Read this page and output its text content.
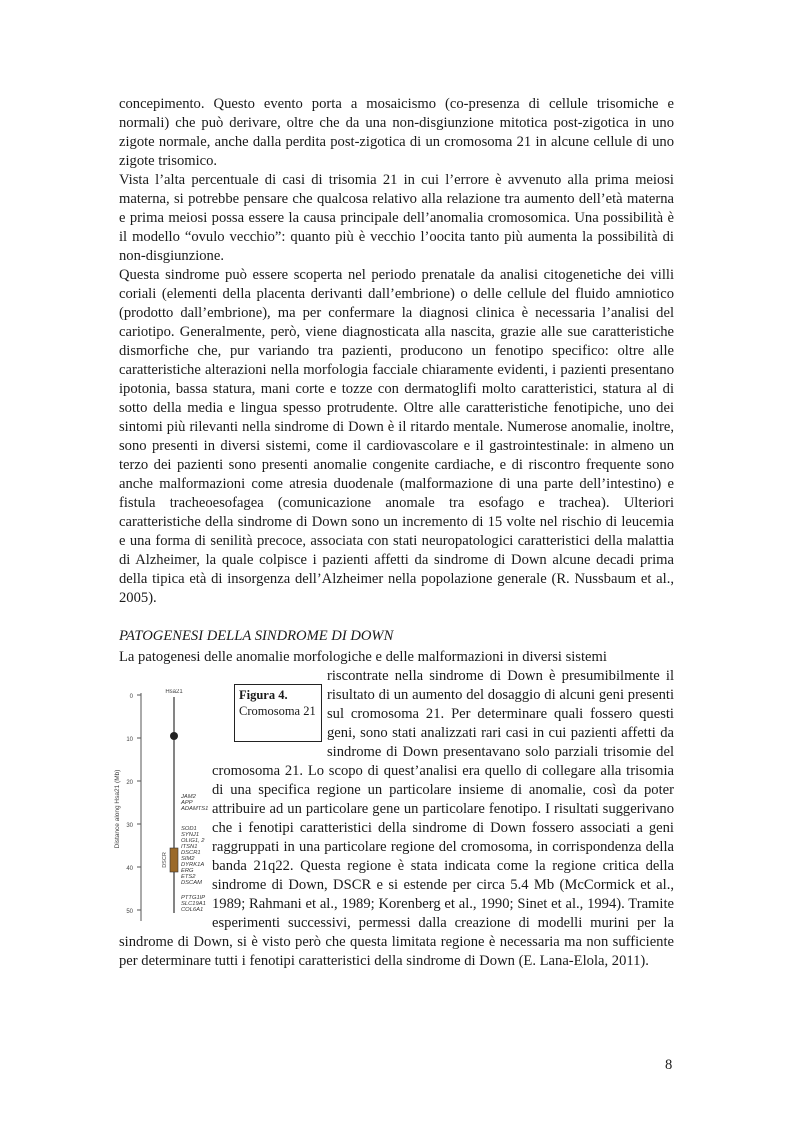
concepimento. Questo evento porta a mosaicismo (co-presenza di cellule trisomiche e normali) che può derivare, oltre che da una non-disgiunzione mitotica post-zigotica in uno zigote normale, anche dalla perdita post-zigotica di un cromosoma 21 in alcune cellule di uno zigote trisomico.

Vista l’alta percentuale di casi di trisomia 21 in cui l’errore è avvenuto alla prima meiosi materna, si potrebbe pensare che qualcosa relativo alla relazione tra aumento dell’età materna e prima meiosi possa essere la causa principale dell’anomalia cromosomica. Una possibilità è il modello “ovulo vecchio”: quanto più è vecchio l’oocita tanto più aumenta la possibilità di non-disgiunzione.

Questa sindrome può essere scoperta nel periodo prenatale da analisi citogenetiche dei villi coriali (elementi della placenta derivanti dall’embrione) o delle cellule del fluido amniotico (prodotto dall’embrione), ma per confermare la diagnosi clinica è necessaria l’analisi del cariotipo. Generalmente, però, viene diagnosticata alla nascita, grazie alle sue caratteristiche dismorfiche che, pur variando tra pazienti, producono un fenotipo specifico: oltre alle caratteristiche alterazioni nella morfologia facciale chiaramente evidenti, i pazienti presentano ipotonia, bassa statura, mani corte e tozze con dermatoglifi molto caratteristici, statura al di sotto della media e lingua spesso protrudente. Oltre alle caratteristiche fenotipiche, uno dei sintomi più rilevanti nella sindrome di Down è il ritardo mentale. Numerose anomalie, inoltre, sono presenti in diversi sistemi, come il cardiovascolare e il gastrointestinale: in almeno un terzo dei pazienti sono presenti anomalie congenite cardiache, e di riscontro frequente sono anche malformazioni come atresia duodenale (malformazione di una parte dell’intestino) e fistula tracheoesofagea (comunicazione anomale tra esofago e trachea). Ulteriori caratteristiche della sindrome di Down sono un incremento di 15 volte nel rischio di leucemia e una forma di senilità precoce, associata con stati neuropatologici caratteristici della malattia di Alzheimer, la quale colpisce i pazienti affetti da sindrome di Down alcune decadi prima della tipica età di insorgenza dell’Alzheimer nella popolazione generale (R. Nussbaum et al., 2005).

PATOGENESI DELLA SINDROME DI DOWN
La patogenesi delle anomalie morfologiche e delle malformazioni in diversi sistemi
0
10
20
30
40
50
Distance along Hsa21 (Mb)
Hsa21
DSCR
JAM2
APP
ADAMTS1
SOD1
SYNJ1
OLIG1, 2
ITSN1
DSCR1
SIM2
DYRK1A
ERG
ETS2
DSCAM
PTTG1IP
SLC19A1
COL6A1
riscontrate nella sindrome di Down è presumibilmente il risultato di un aumento del dosaggio di alcuni geni presenti sul cromosoma 21. Per determinare quali fossero questi geni, sono stati analizzati rari casi in cui pazienti affetti da sindrome di Down presentavano solo parziali trisomie del cromosoma 21. Lo scopo di quest’analisi era quello di collegare alla trisomia di una specifica regione un particolare insieme di anomalie, così da poter attribuire ad un particolare gene un particolare fenotipo. I risultati suggerivano che i fenotipi caratteristici della sindrome di Down fossero associati a geni raggruppati in una particolare regione del cromosoma, in corrispondenza della banda 21q22. Questa regione è stata indicata come la regione critica della sindrome di Down, DSCR e si estende per circa 5.4 Mb (McCormick et al., 1989; Rahmani et al., 1989; Korenberg et al., 1990; Sinet et al., 1994). Tramite esperimenti successivi, permessi dalla creazione di modelli murini per la sindrome di Down, si è visto però che questa limitata regione è necessaria ma non sufficiente per determinare tutti i fenotipi caratteristici della sindrome di Down (E. Lana-Elola, 2011).
Figura 4.
Cromosoma 21
8
